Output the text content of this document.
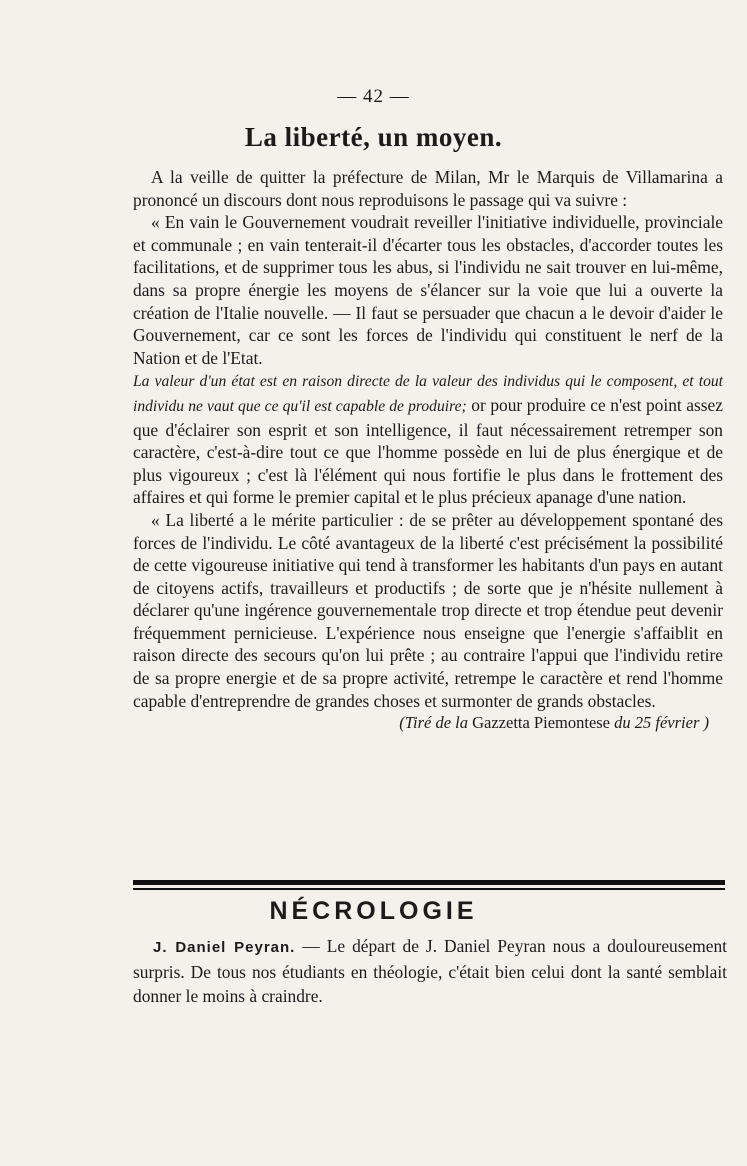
— 42 —
La liberté, un moyen.

A la veille de quitter la préfecture de Milan, Mr le Marquis de Villamarina a prononcé un discours dont nous reproduisons le passage qui va suivre :

« En vain le Gouvernement voudrait reveiller l'initiative individuelle, provinciale et communale ; en vain tenterait-il d'écarter tous les obstacles, d'accorder toutes les facilitations, et de supprimer tous les abus, si l'individu ne sait trouver en lui-même, dans sa propre énergie les moyens de s'élancer sur la voie que lui a ouverte la création de l'Italie nouvelle. — Il faut se persuader que chacun a le devoir d'aider le Gouvernement, car ce sont les forces de l'individu qui constituent le nerf de la Nation et de l'Etat.
La valeur d'un état est en raison directe de la valeur des individus qui le composent, et tout individu ne vaut que ce qu'il est capable de produire; or pour produire ce n'est point assez que d'éclairer son esprit et son intelligence, il faut nécessairement retremper son caractère, c'est-à-dire tout ce que l'homme possède en lui de plus énergique et de plus vigoureux ; c'est là l'élément qui nous fortifie le plus dans le frottement des affaires et qui forme le premier capital et le plus précieux apanage d'une nation.

« La liberté a le mérite particulier : de se prêter au développement spontané des forces de l'individu. Le côté avantageux de la liberté c'est précisément la possibilité de cette vigoureuse initiative qui tend à transformer les habitants d'un pays en autant de citoyens actifs, travailleurs et productifs ; de sorte que je n'hésite nullement à déclarer qu'une ingérence gouvernementale trop directe et trop étendue peut devenir fréquemment pernicieuse. L'expérience nous enseigne que l'energie s'affaiblit en raison directe des secours qu'on lui prête ; au contraire l'appui que l'individu retire de sa propre energie et de sa propre activité, retrempe le caractère et rend l'homme capable d'entreprendre de grandes choses et surmonter de grands obstacles.

(Tiré de la Gazzetta Piemontese du 25 février )

NÉCROLOGIE

J. Daniel Peyran. — Le départ de J. Daniel Peyran nous a douloureusement surpris. De tous nos étudiants en théologie, c'était bien celui dont la santé semblait donner le moins à craindre.
